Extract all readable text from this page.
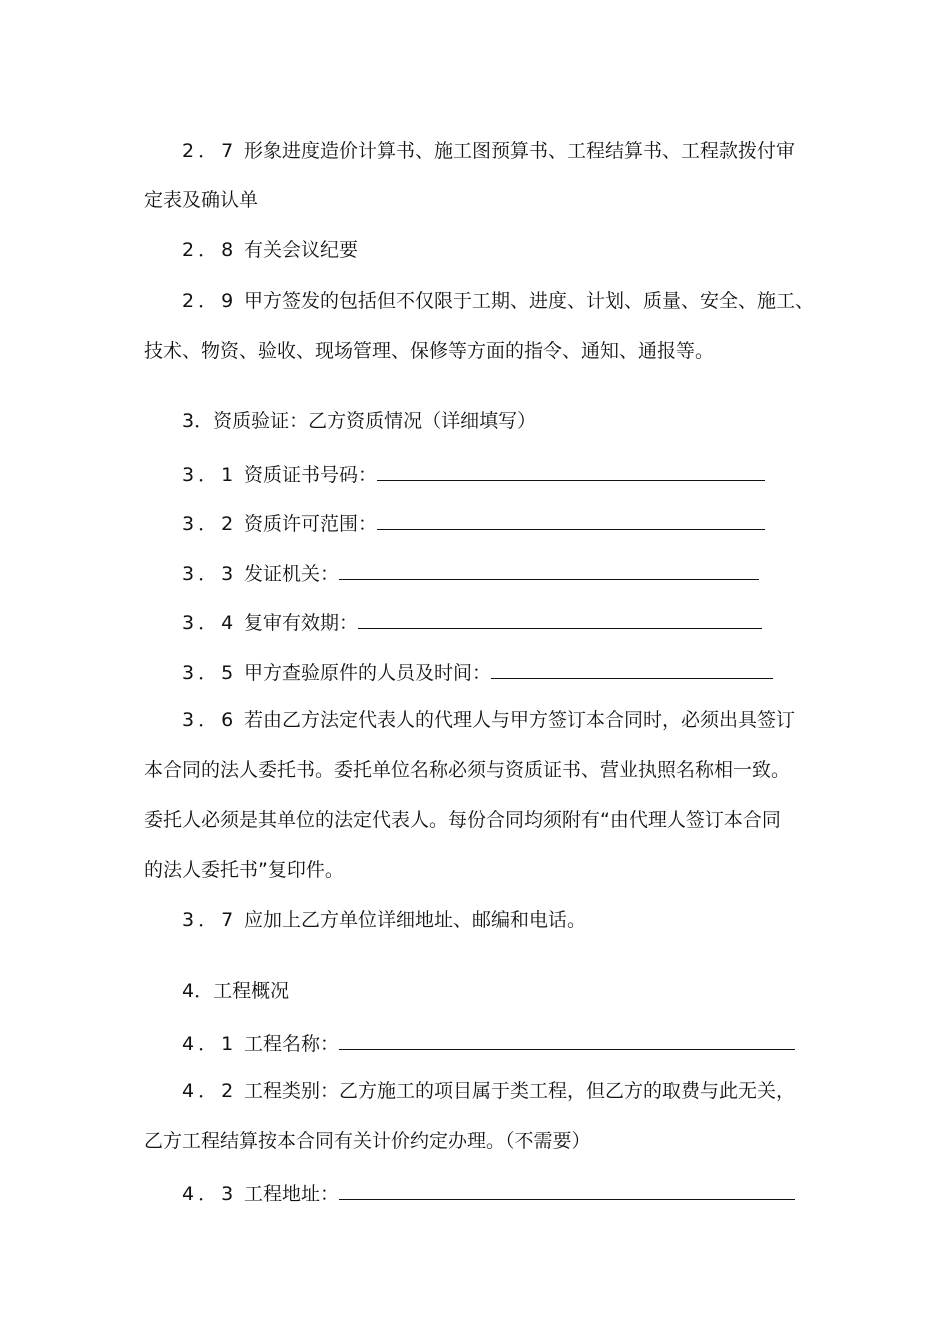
2．7 形象进度造价计算书、施工图预算书、工程结算书、工程款拨付审
定表及确认单
2．8 有关会议纪要
2．9 甲方签发的包括但不仅限于工期、进度、计划、质量、安全、施工、
技术、物资、验收、现场管理、保修等方面的指令、通知、通报等。
3．资质验证：乙方资质情况（详细填写）
3．1 资质证书号码：
3．2 资质许可范围：
3．3 发证机关：
3．4 复审有效期：
3．5 甲方查验原件的人员及时间：
3．6 若由乙方法定代表人的代理人与甲方签订本合同时，必须出具签订
本合同的法人委托书。委托单位名称必须与资质证书、营业执照名称相一致。
委托人必须是其单位的法定代表人。每份合同均须附有“由代理人签订本合同
的法人委托书”复印件。
3．7 应加上乙方单位详细地址、邮编和电话。
4．工程概况
4．1 工程名称：
4．2 工程类别：乙方施工的项目属于类工程，但乙方的取费与此无关，
乙方工程结算按本合同有关计价约定办理。（不需要）
4．3 工程地址：
